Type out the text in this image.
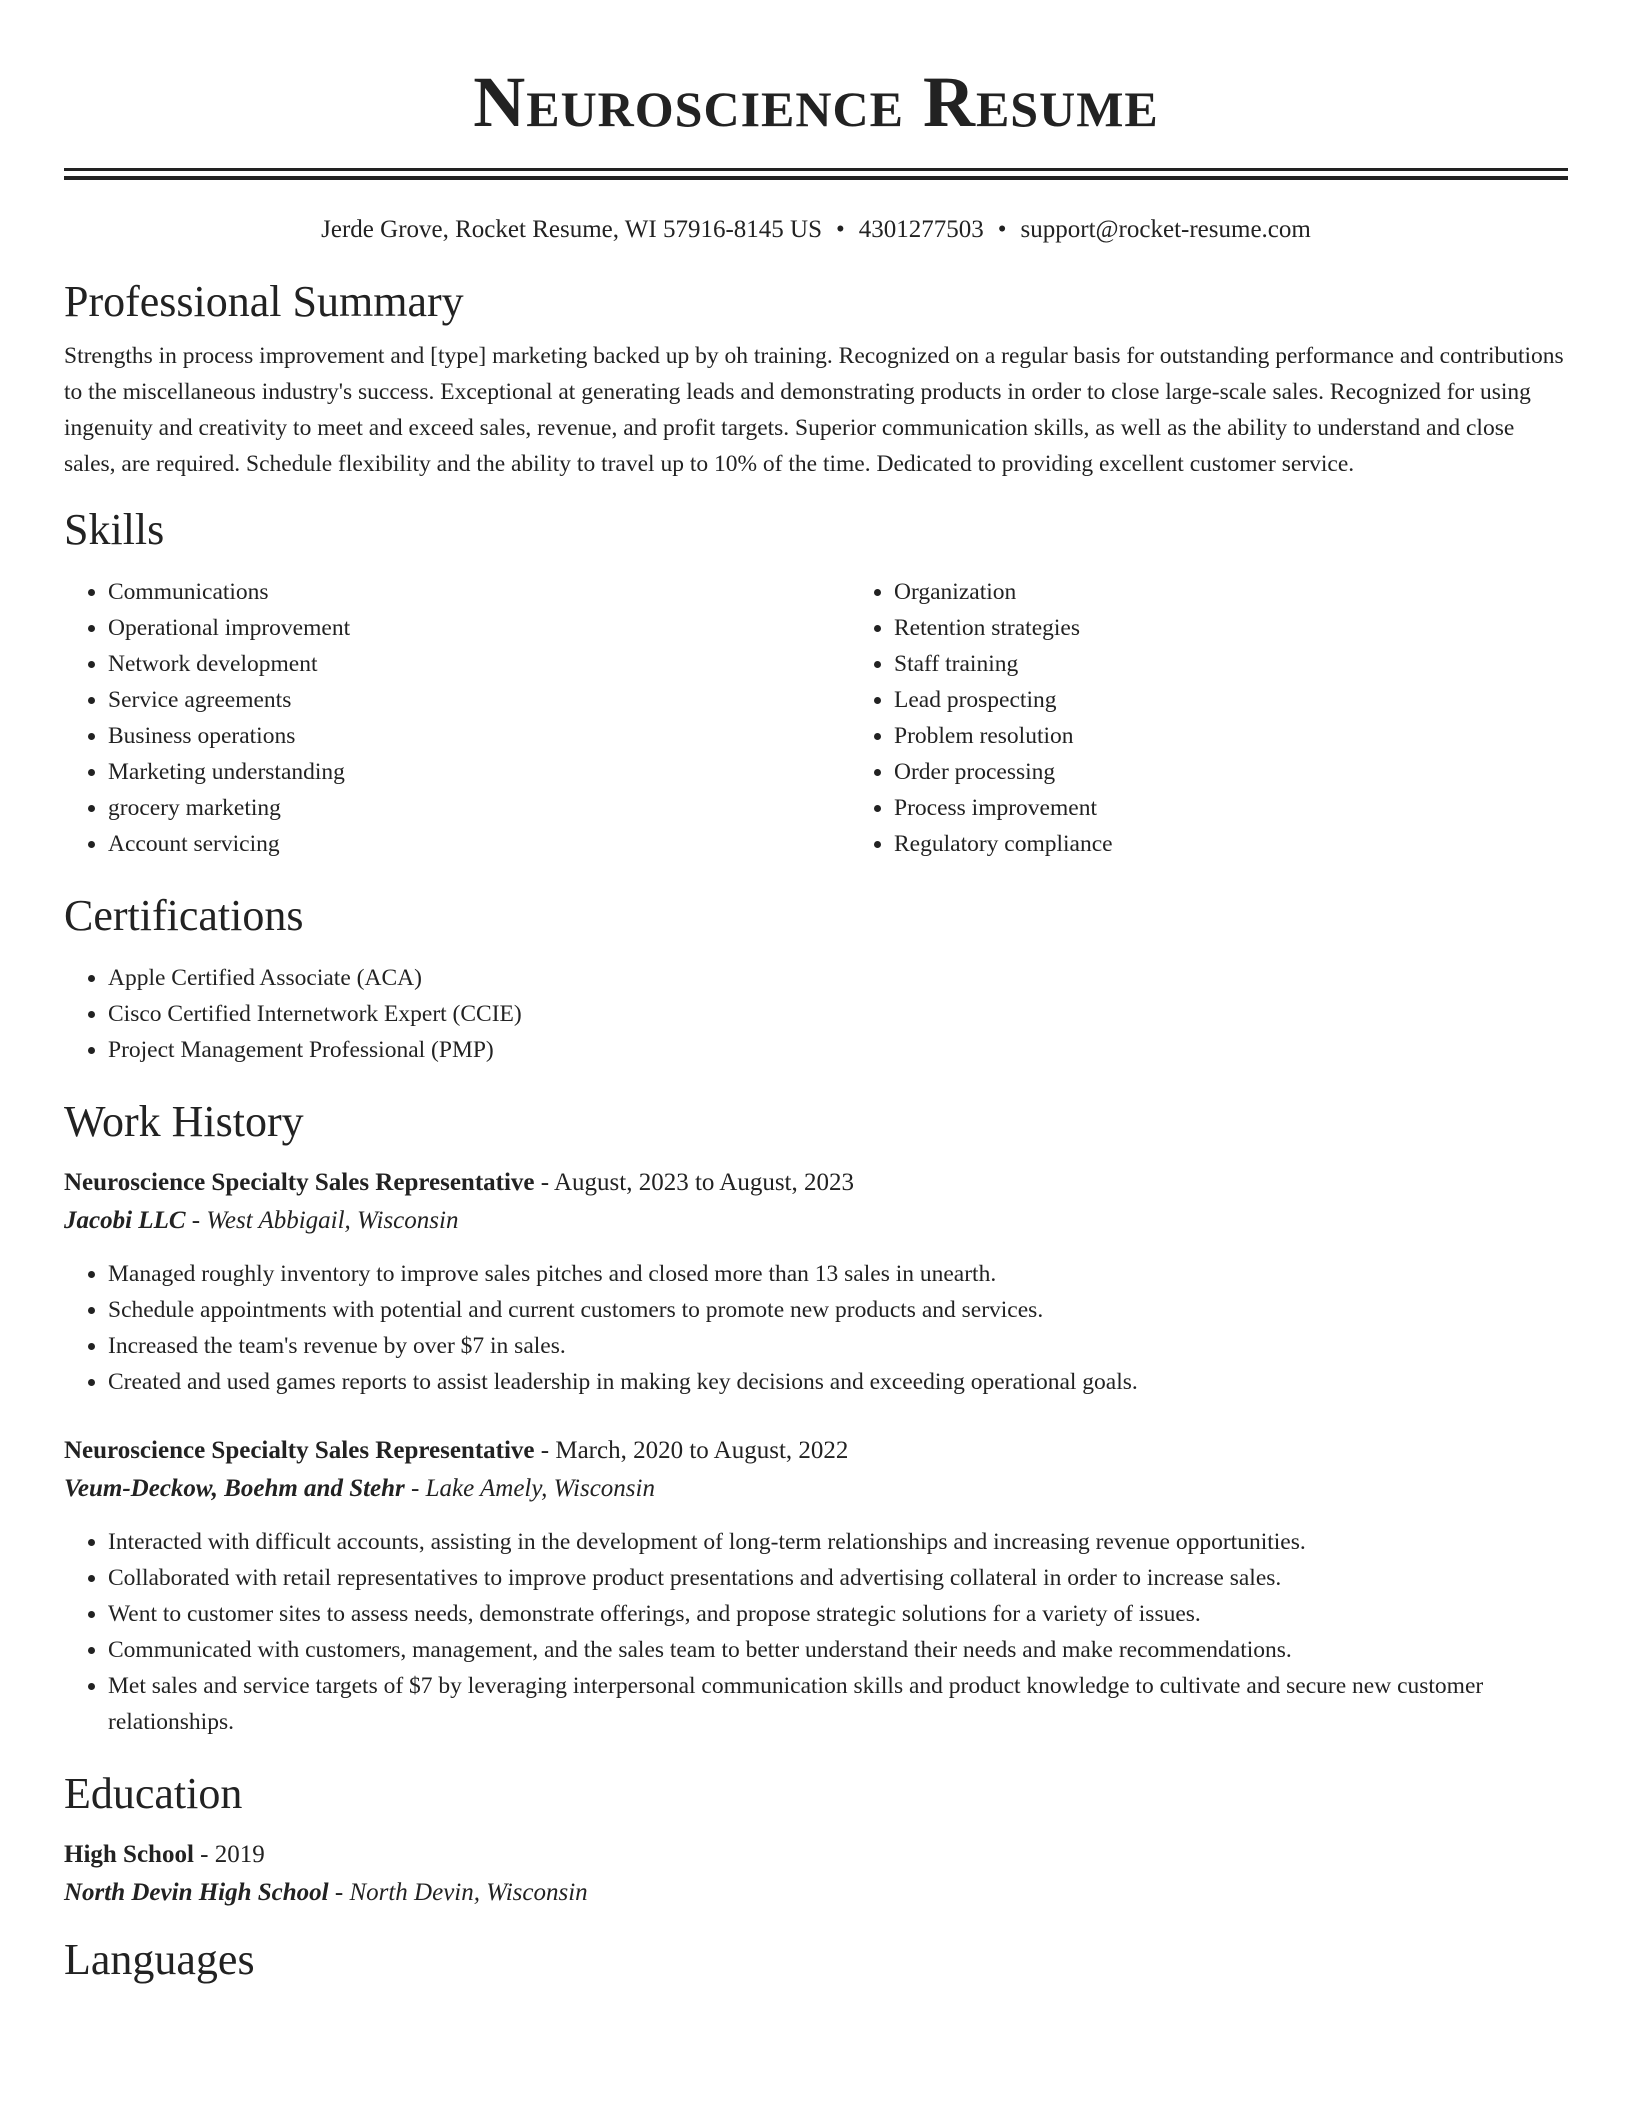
Neuroscience Resume
Jerde Grove, Rocket Resume, WI 57916-8145 US • 4301277503 • support@rocket-resume.com
Professional Summary

Strengths in process improvement and [type] marketing backed up by oh training. Recognized on a regular basis for outstanding performance and contributions to the miscellaneous industry's success. Exceptional at generating leads and demonstrating products in order to close large-scale sales. Recognized for using ingenuity and creativity to meet and exceed sales, revenue, and profit targets. Superior communication skills, as well as the ability to understand and close sales, are required. Schedule flexibility and the ability to travel up to 10% of the time. Dedicated to providing excellent customer service.

Skills
• Communications
• Operational improvement
• Network development
• Service agreements
• Business operations
• Marketing understanding
• grocery marketing
• Account servicing
• Organization
• Retention strategies
• Staff training
• Lead prospecting
• Problem resolution
• Order processing
• Process improvement
• Regulatory compliance
Certifications
• Apple Certified Associate (ACA)
• Cisco Certified Internetwork Expert (CCIE)
• Project Management Professional (PMP)
Work History
Neuroscience Specialty Sales Representative - August, 2023 to August, 2023
Jacobi LLC - West Abbigail, Wisconsin
• Managed roughly inventory to improve sales pitches and closed more than 13 sales in unearth.
• Schedule appointments with potential and current customers to promote new products and services.
• Increased the team's revenue by over $7 in sales.
• Created and used games reports to assist leadership in making key decisions and exceeding operational goals.
Neuroscience Specialty Sales Representative - March, 2020 to August, 2022
Veum-Deckow, Boehm and Stehr - Lake Amely, Wisconsin
• Interacted with difficult accounts, assisting in the development of long-term relationships and increasing revenue opportunities.
• Collaborated with retail representatives to improve product presentations and advertising collateral in order to increase sales.
• Went to customer sites to assess needs, demonstrate offerings, and propose strategic solutions for a variety of issues.
• Communicated with customers, management, and the sales team to better understand their needs and make recommendations.
• Met sales and service targets of $7 by leveraging interpersonal communication skills and product knowledge to cultivate and secure new customer relationships.
Education
High School - 2019
North Devin High School - North Devin, Wisconsin
Languages
